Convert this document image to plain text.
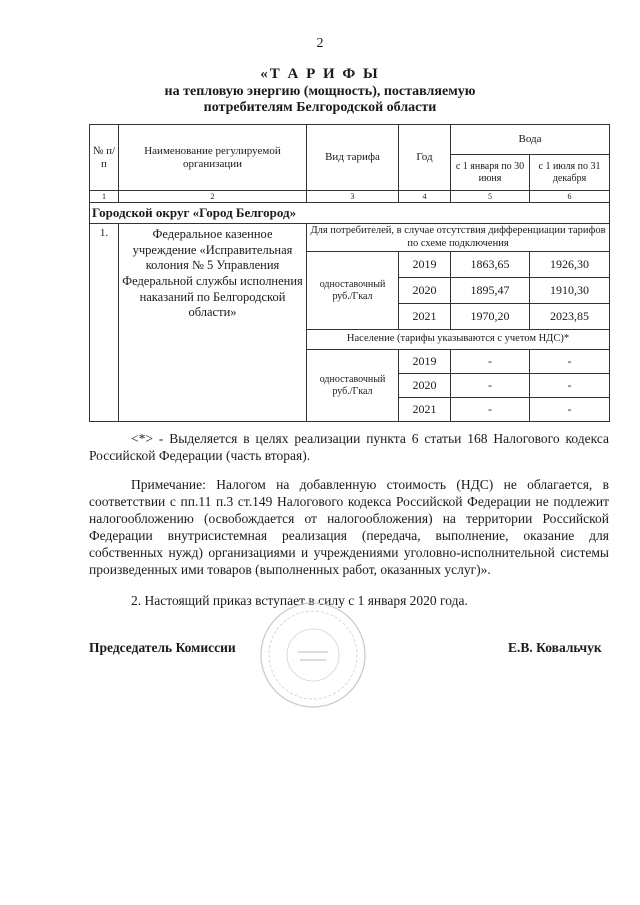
2
«Т А Р И Ф Ы
на тепловую энергию (мощность), поставляемую
потребителям Белгородской области
№ п/п	Наименование регулируемой организации	Вид тарифа	Год	Вода	
				с 1 января по 30 июня	с 1 июля по 31 декабря
1	2	3	4	5	6
Городской округ «Город Белгород»					
1.	Федеральное казенное учреждение «Исправительная колония № 5 Управления Федеральной службы исполнения наказаний по Белгородской области»	Для потребителей, в случае отсутствия дифференциации тарифов по схеме подключения			
		одноставочный руб./Гкал	2019	1863,65	1926,30
			2020	1895,47	1910,30
			2021	1970,20	2023,85
		Население (тарифы указываются с учетом НДС)*			
		одноставочный руб./Гкал	2019	-	-
			2020	-	-
			2021	-	-
<*> - Выделяется в целях реализации пункта 6 статьи 168 Налогового кодекса Российской Федерации (часть вторая).
Примечание: Налогом на добавленную стоимость (НДС) не облагается, в соответствии с пп.11 п.3 ст.149 Налогового кодекса Российской Федерации не подлежит налогообложению (освобождается от налогообложения) на территории Российской Федерации внутрисистемная реализация (передача, выполнение, оказание для собственных нужд) организациями и учреждениями уголовно-исполнительной системы произведенных ими товаров (выполненных работ, оказанных услуг)».
2. Настоящий приказ вступает в силу с 1 января 2020 года.
Председатель Комиссии	Е.В. Ковальчук
